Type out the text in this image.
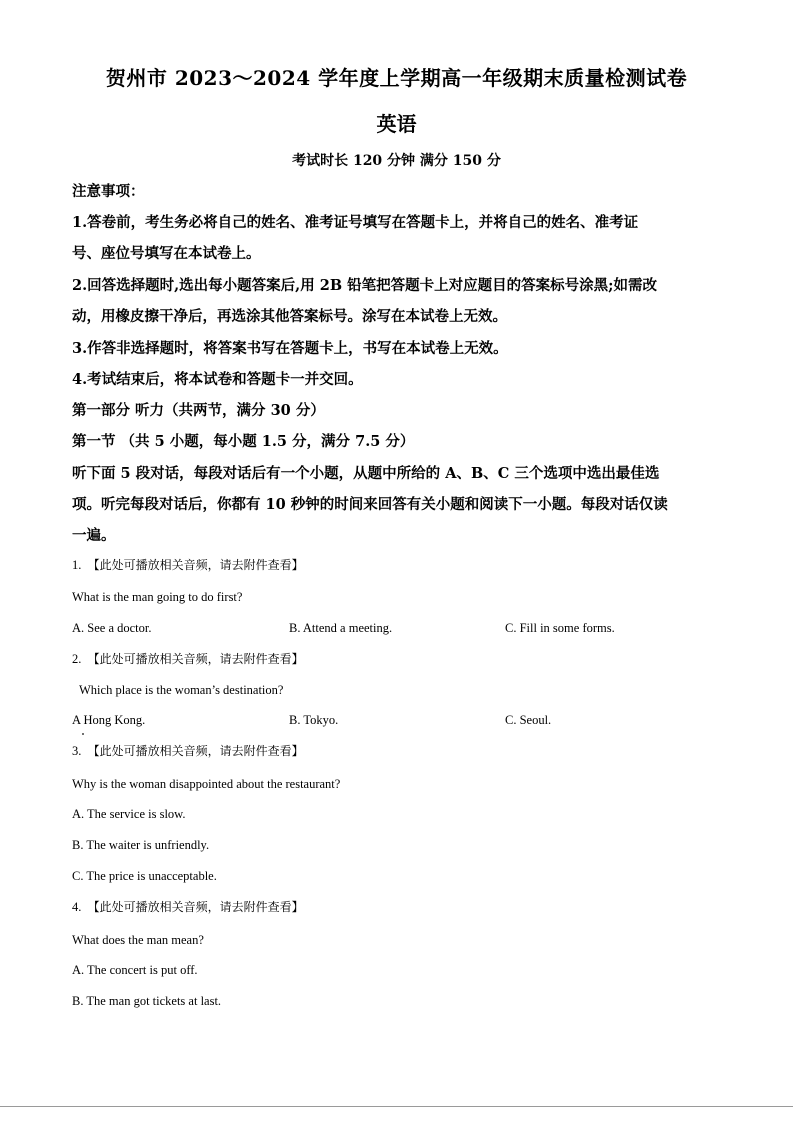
贺州市 2023～2024 学年度上学期高一年级期末质量检测试卷
英语
考试时长 120 分钟 满分 150 分
注意事项：
1.答卷前，考生务必将自己的姓名、准考证号填写在答题卡上，并将自己的姓名、准考证
号、座位号填写在本试卷上。
2.回答选择题时,选出每小题答案后,用 2B 铅笔把答题卡上对应题目的答案标号涂黑;如需改
动，用橡皮擦干净后，再选涂其他答案标号。涂写在本试卷上无效。
3.作答非选择题时，将答案书写在答题卡上，书写在本试卷上无效。
4.考试结束后，将本试卷和答题卡一并交回。
第一部分 听力（共两节，满分 30 分）
第一节 （共 5 小题，每小题 1.5 分，满分 7.5 分）
听下面 5 段对话，每段对话后有一个小题，从题中所给的 A、B、C 三个选项中选出最佳选
项。听完每段对话后，你都有 10 秒钟的时间来回答有关小题和阅读下一小题。每段对话仅读
一遍。
1. 【此处可播放相关音频，请去附件查看】
What is the man going to do first?
A. See a doctor.	B. Attend a meeting.	C. Fill in some forms.
2. 【此处可播放相关音频，请去附件查看】
Which place is the woman’s destination?
A Hong Kong.	B. Tokyo.	C. Seoul.
3. 【此处可播放相关音频，请去附件查看】
Why is the woman disappointed about the restaurant?
A. The service is slow.
B. The waiter is unfriendly.
C. The price is unacceptable.
4. 【此处可播放相关音频，请去附件查看】
What does the man mean?
A. The concert is put off.
B. The man got tickets at last.
